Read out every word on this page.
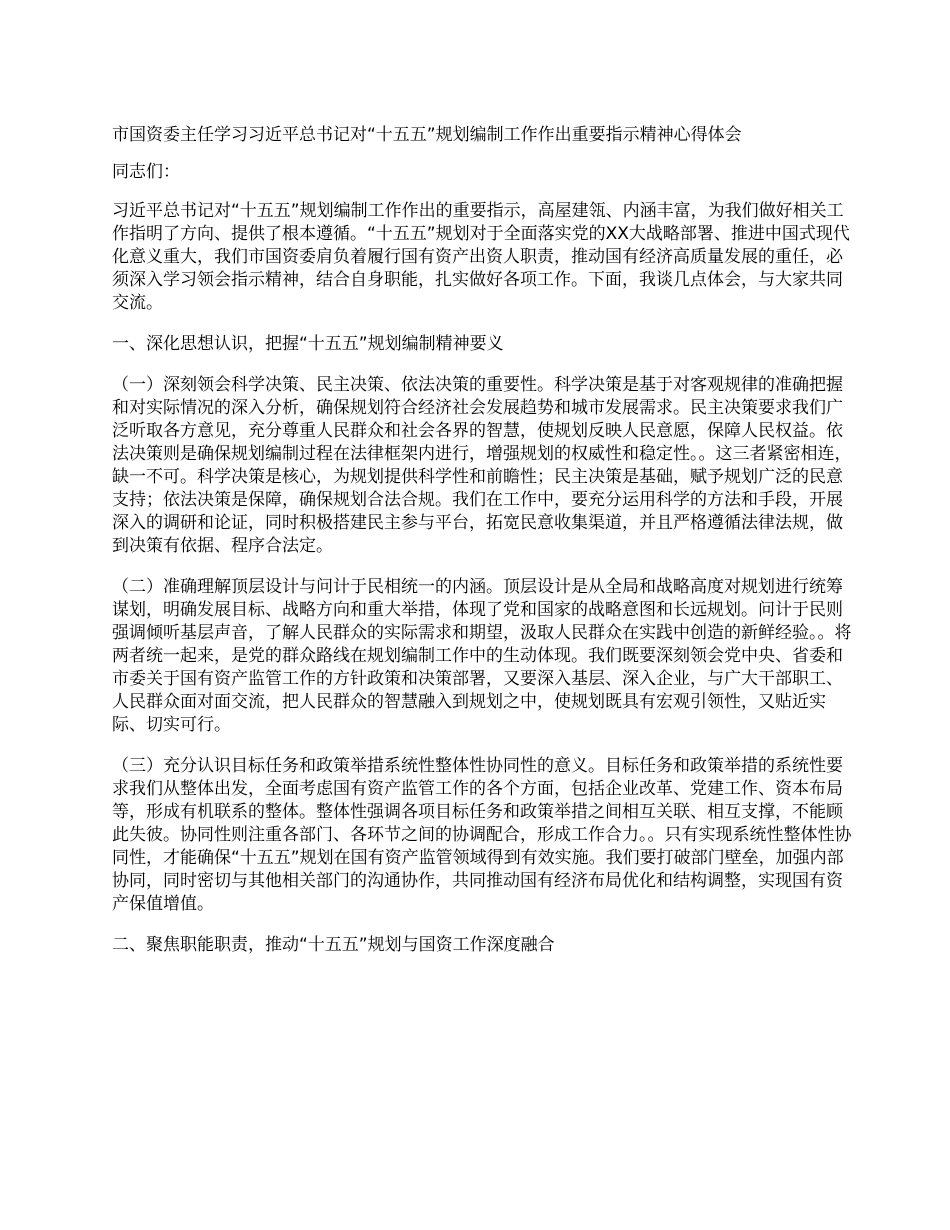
市国资委主任学习习近平总书记对“十五五”规划编制工作作出重要指示精神心得体会

同志们：

习近平总书记对“十五五”规划编制工作作出的重要指示，高屋建瓴、内涵丰富，为我们做好相关工作指明了方向、提供了根本遵循。“十五五”规划对于全面落实党的XX大战略部署、推进中国式现代化意义重大，我们市国资委肩负着履行国有资产出资人职责，推动国有经济高质量发展的重任，必须深入学习领会指示精神，结合自身职能，扎实做好各项工作。下面，我谈几点体会，与大家共同交流。

一、深化思想认识，把握“十五五”规划编制精神要义

（一）深刻领会科学决策、民主决策、依法决策的重要性。科学决策是基于对客观规律的准确把握和对实际情况的深入分析，确保规划符合经济社会发展趋势和城市发展需求。民主决策要求我们广泛听取各方意见，充分尊重人民群众和社会各界的智慧，使规划反映人民意愿，保障人民权益。依法决策则是确保规划编制过程在法律框架内进行，增强规划的权威性和稳定性。。这三者紧密相连，缺一不可。科学决策是核心，为规划提供科学性和前瞻性；民主决策是基础，赋予规划广泛的民意支持；依法决策是保障，确保规划合法合规。我们在工作中，要充分运用科学的方法和手段，开展深入的调研和论证，同时积极搭建民主参与平台，拓宽民意收集渠道，并且严格遵循法律法规，做到决策有依据、程序合法定。

（二）准确理解顶层设计与问计于民相统一的内涵。顶层设计是从全局和战略高度对规划进行统筹谋划，明确发展目标、战略方向和重大举措，体现了党和国家的战略意图和长远规划。问计于民则强调倾听基层声音，了解人民群众的实际需求和期望，汲取人民群众在实践中创造的新鲜经验。。将两者统一起来，是党的群众路线在规划编制工作中的生动体现。我们既要深刻领会党中央、省委和市委关于国有资产监管工作的方针政策和决策部署，又要深入基层、深入企业，与广大干部职工、人民群众面对面交流，把人民群众的智慧融入到规划之中，使规划既具有宏观引领性，又贴近实际、切实可行。

（三）充分认识目标任务和政策举措系统性整体性协同性的意义。目标任务和政策举措的系统性要求我们从整体出发，全面考虑国有资产监管工作的各个方面，包括企业改革、党建工作、资本布局等，形成有机联系的整体。整体性强调各项目标任务和政策举措之间相互关联、相互支撑，不能顾此失彼。协同性则注重各部门、各环节之间的协调配合，形成工作合力。。只有实现系统性整体性协同性，才能确保“十五五”规划在国有资产监管领域得到有效实施。我们要打破部门壁垒，加强内部协同，同时密切与其他相关部门的沟通协作，共同推动国有经济布局优化和结构调整，实现国有资产保值增值。

二、聚焦职能职责，推动“十五五”规划与国资工作深度融合
